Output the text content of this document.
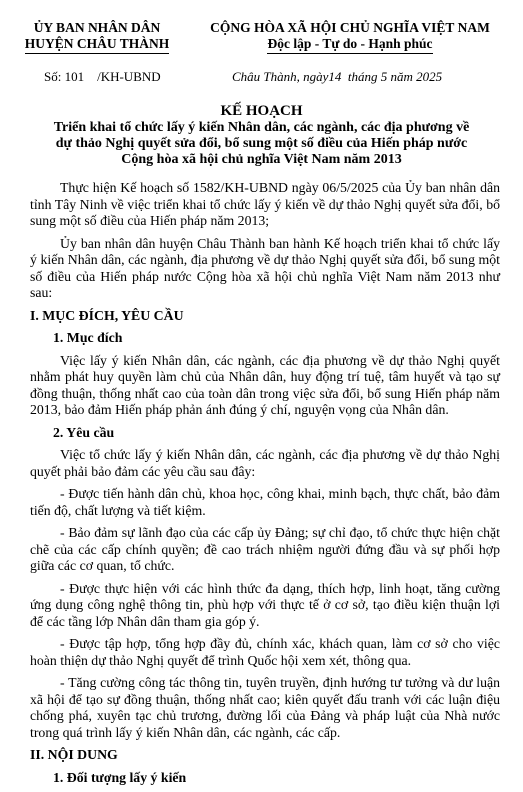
ỦY BAN NHÂN DÂN
HUYỆN CHÂU THÀNH
CỘNG HÒA XÃ HỘI CHỦ NGHĨA VIỆT NAM
Độc lập - Tự do - Hạnh phúc
Số: 101    /KH-UBND	Châu Thành, ngày14  tháng 5 năm 2025
KẾ HOẠCH
Triển khai tổ chức lấy ý kiến Nhân dân, các ngành, các địa phương về
dự thảo Nghị quyết sửa đổi, bổ sung một số điều của Hiến pháp nước
Cộng hòa xã hội chủ nghĩa Việt Nam năm 2013

Thực hiện Kế hoạch số 1582/KH-UBND ngày 06/5/2025 của Ủy ban nhân dân tỉnh Tây Ninh về việc triển khai tổ chức lấy ý kiến về dự thảo Nghị quyết sửa đổi, bổ sung một số điều của Hiến pháp năm 2013;

Ủy ban nhân dân huyện Châu Thành ban hành Kế hoạch triển khai tổ chức lấy ý kiến Nhân dân, các ngành, địa phương về dự thảo Nghị quyết sửa đổi, bổ sung một số điều của Hiến pháp nước Cộng hòa xã hội chủ nghĩa Việt Nam năm 2013 như sau:

I. MỤC ĐÍCH, YÊU CẦU

1. Mục đích

Việc lấy ý kiến Nhân dân, các ngành, các địa phương về dự thảo Nghị quyết nhằm phát huy quyền làm chủ của Nhân dân, huy động trí tuệ, tâm huyết và tạo sự đồng thuận, thống nhất cao của toàn dân trong việc sửa đổi, bổ sung Hiến pháp năm 2013, bảo đảm Hiến pháp phản ánh đúng ý chí, nguyện vọng của Nhân dân.

2. Yêu cầu

Việc tổ chức lấy ý kiến Nhân dân, các ngành, các địa phương về dự thảo Nghị quyết phải bảo đảm các yêu cầu sau đây:

- Được tiến hành dân chủ, khoa học, công khai, minh bạch, thực chất, bảo đảm tiến độ, chất lượng và tiết kiệm.

- Bảo đảm sự lãnh đạo của các cấp ủy Đảng; sự chỉ đạo, tổ chức thực hiện chặt chẽ của các cấp chính quyền; đề cao trách nhiệm người đứng đầu và sự phối hợp giữa các cơ quan, tổ chức.

- Được thực hiện với các hình thức đa dạng, thích hợp, linh hoạt, tăng cường ứng dụng công nghệ thông tin, phù hợp với thực tế ở cơ sở, tạo điều kiện thuận lợi để các tầng lớp Nhân dân tham gia góp ý.

- Được tập hợp, tổng hợp đầy đủ, chính xác, khách quan, làm cơ sở cho việc hoàn thiện dự thảo Nghị quyết để trình Quốc hội xem xét, thông qua.

- Tăng cường công tác thông tin, tuyên truyền, định hướng tư tưởng và dư luận xã hội để tạo sự đồng thuận, thống nhất cao; kiên quyết đấu tranh với các luận điệu chống phá, xuyên tạc chủ trương, đường lối của Đảng và pháp luật của Nhà nước trong quá trình lấy ý kiến Nhân dân, các ngành, các cấp.

II. NỘI DUNG

1. Đối tượng lấy ý kiến
